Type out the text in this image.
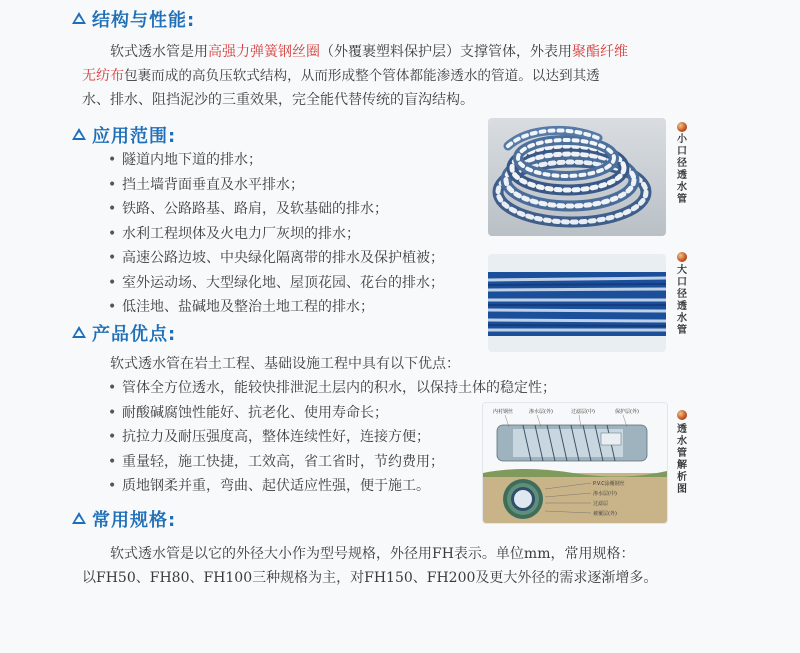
结构与性能:
软式透水管是用高强力弹簧钢丝圈（外覆裹塑料保护层）支撑管体，外表用聚酯纤维
无纺布包裹而成的高负压软式结构，从而形成整个管体都能渗透水的管道。以达到其透
水、排水、阻挡泥沙的三重效果，完全能代替传统的盲沟结构。
应用范围:
• 隧道内地下道的排水；
• 挡土墙背面垂直及水平排水；
• 铁路、公路路基、路肩，及软基础的排水；
• 水利工程坝体及火电力厂灰坝的排水；
• 高速公路边坡、中央绿化隔离带的排水及保护植被；
• 室外运动场、大型绿化地、屋顶花园、花台的排水；
• 低洼地、盐碱地及整治土地工程的排水；
产品优点:
软式透水管在岩土工程、基础设施工程中具有以下优点：
• 管体全方位透水，能较快排泄泥土层内的积水，以保持土体的稳定性；
• 耐酸碱腐蚀性能好、抗老化、使用寿命长；
• 抗拉力及耐压强度高，整体连续性好，连接方便；
• 重量轻，施工快捷，工效高，省工省时，节约费用；
• 质地钢柔并重，弯曲、起伏适应性强，便于施工。
常用规格:
软式透水管是以它的外径大小作为型号规格，外径用FH表示。单位mm，常用规格：
以FH50、FH80、FH100三种规格为主，对FH150、FH200及更大外径的需求逐渐增多。
小口径透水管
大口径透水管
内衬钢丝	渗水层(外)	过滤层(中)	保护层(外)
P.V.C涂覆钢丝
渗水层(中)
过滤层
被覆层(外)
透水管解析图
